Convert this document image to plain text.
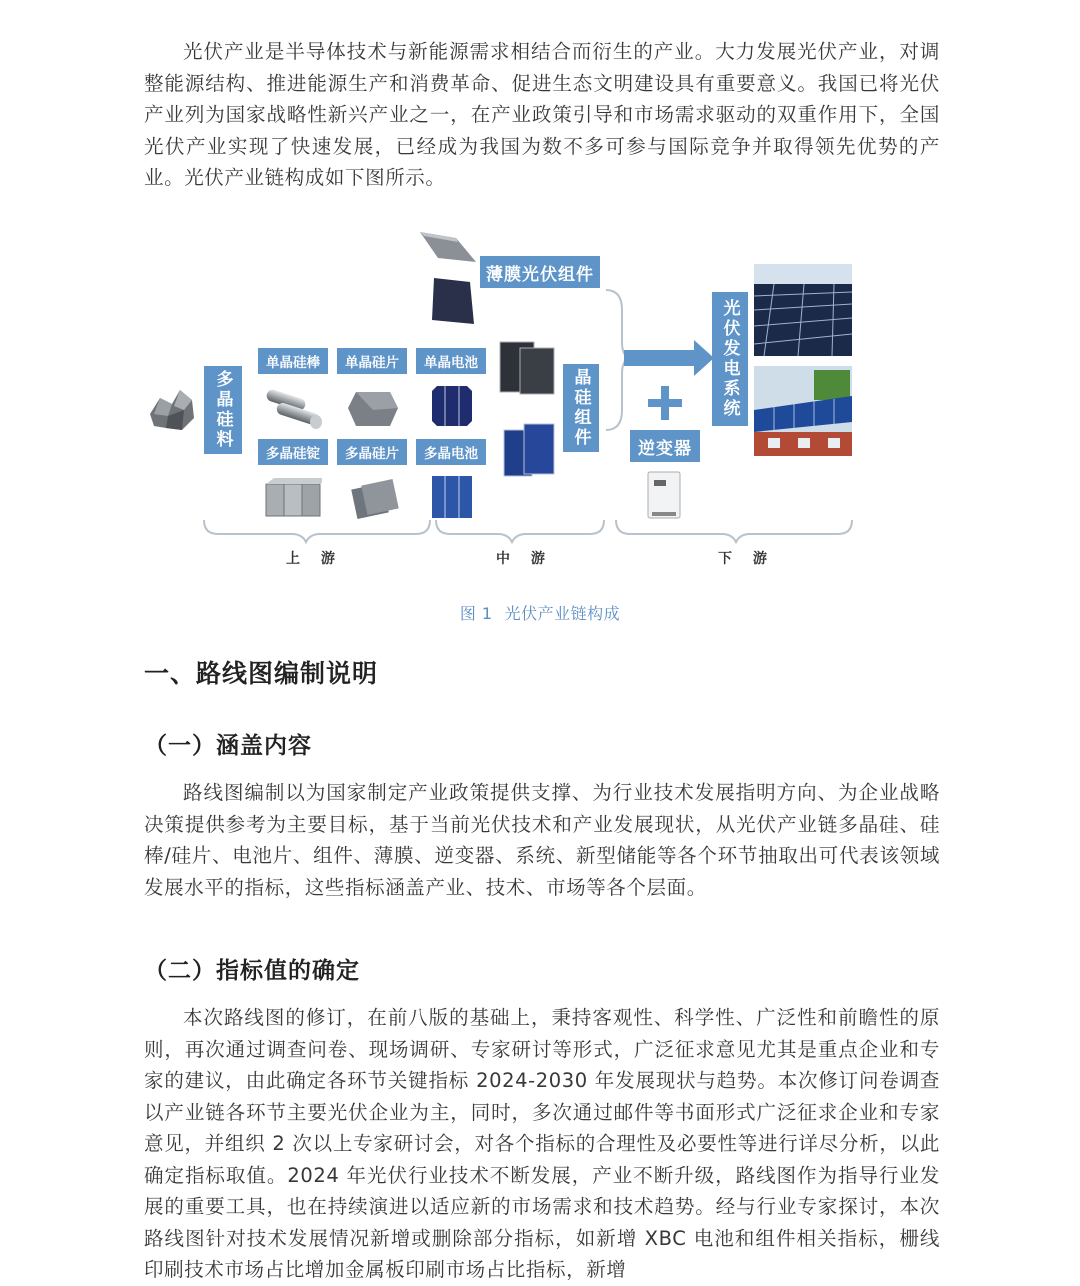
光伏产业是半导体技术与新能源需求相结合而衍生的产业。大力发展光伏产业，对调整能源结构、推进能源生产和消费革命、促进生态文明建设具有重要意义。我国已将光伏产业列为国家战略性新兴产业之一，在产业政策引导和市场需求驱动的双重作用下，全国光伏产业实现了快速发展，已经成为我国为数不多可参与国际竞争并取得领先优势的产业。光伏产业链构成如下图所示。

多晶硅料
单晶硅棒 单晶硅片 单晶电池
多晶硅锭 多晶硅片 多晶电池
薄膜光伏组件
晶硅组件
逆变器
光伏发电系统
上 游	中 游	下 游
图 1 光伏产业链构成
一、路线图编制说明
（一）涵盖内容

路线图编制以为国家制定产业政策提供支撑、为行业技术发展指明方向、为企业战略决策提供参考为主要目标，基于当前光伏技术和产业发展现状，从光伏产业链多晶硅、硅棒/硅片、电池片、组件、薄膜、逆变器、系统、新型储能等各个环节抽取出可代表该领域发展水平的指标，这些指标涵盖产业、技术、市场等各个层面。

（二）指标值的确定

本次路线图的修订，在前八版的基础上，秉持客观性、科学性、广泛性和前瞻性的原则，再次通过调查问卷、现场调研、专家研讨等形式，广泛征求意见尤其是重点企业和专家的建议，由此确定各环节关键指标 2024-2030 年发展现状与趋势。本次修订问卷调查以产业链各环节主要光伏企业为主，同时，多次通过邮件等书面形式广泛征求企业和专家意见，并组织 2 次以上专家研讨会，对各个指标的合理性及必要性等进行详尽分析，以此确定指标取值。2024 年光伏行业技术不断发展，产业不断升级，路线图作为指导行业发展的重要工具，也在持续演进以适应新的市场需求和技术趋势。经与行业专家探讨，本次路线图针对技术发展情况新增或删除部分指标，如新增 XBC 电池和组件相关指标，栅线印刷技术市场占比增加金属板印刷市场占比指标，新增
